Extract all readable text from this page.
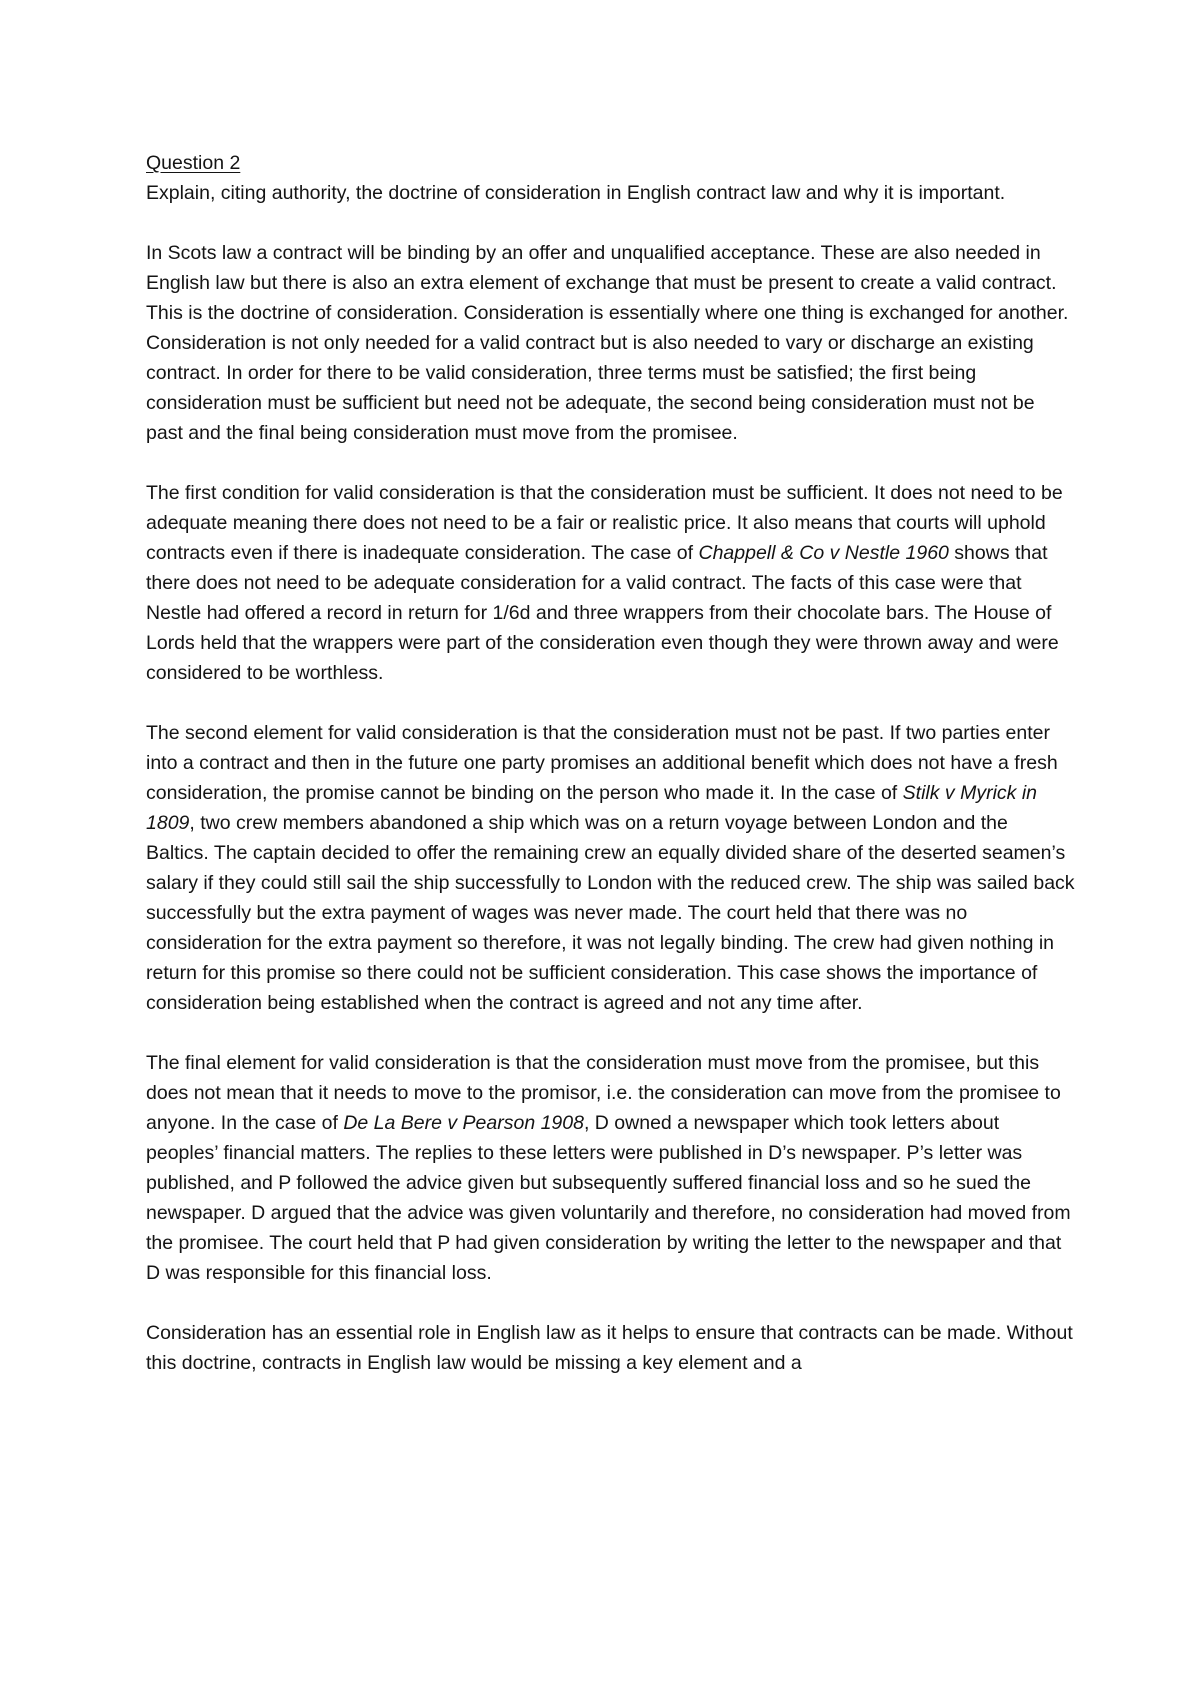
Question 2

Explain, citing authority, the doctrine of consideration in English contract law and why it is important.

In Scots law a contract will be binding by an offer and unqualified acceptance. These are also needed in English law but there is also an extra element of exchange that must be present to create a valid contract. This is the doctrine of consideration. Consideration is essentially where one thing is exchanged for another. Consideration is not only needed for a valid contract but is also needed to vary or discharge an existing contract. In order for there to be valid consideration, three terms must be satisfied; the first being consideration must be sufficient but need not be adequate, the second being consideration must not be past and the final being consideration must move from the promisee.

The first condition for valid consideration is that the consideration must be sufficient. It does not need to be adequate meaning there does not need to be a fair or realistic price. It also means that courts will uphold contracts even if there is inadequate consideration. The case of Chappell & Co v Nestle 1960 shows that there does not need to be adequate consideration for a valid contract. The facts of this case were that Nestle had offered a record in return for 1/6d and three wrappers from their chocolate bars. The House of Lords held that the wrappers were part of the consideration even though they were thrown away and were considered to be worthless.

The second element for valid consideration is that the consideration must not be past. If two parties enter into a contract and then in the future one party promises an additional benefit which does not have a fresh consideration, the promise cannot be binding on the person who made it. In the case of Stilk v Myrick in 1809, two crew members abandoned a ship which was on a return voyage between London and the Baltics. The captain decided to offer the remaining crew an equally divided share of the deserted seamen’s salary if they could still sail the ship successfully to London with the reduced crew. The ship was sailed back successfully but the extra payment of wages was never made. The court held that there was no consideration for the extra payment so therefore, it was not legally binding. The crew had given nothing in return for this promise so there could not be sufficient consideration. This case shows the importance of consideration being established when the contract is agreed and not any time after.

The final element for valid consideration is that the consideration must move from the promisee, but this does not mean that it needs to move to the promisor, i.e. the consideration can move from the promisee to anyone. In the case of De La Bere v Pearson 1908, D owned a newspaper which took letters about peoples’ financial matters. The replies to these letters were published in D’s newspaper. P’s letter was published, and P followed the advice given but subsequently suffered financial loss and so he sued the newspaper. D argued that the advice was given voluntarily and therefore, no consideration had moved from the promisee. The court held that P had given consideration by writing the letter to the newspaper and that D was responsible for this financial loss.

Consideration has an essential role in English law as it helps to ensure that contracts can be made. Without this doctrine, contracts in English law would be missing a key element and a
